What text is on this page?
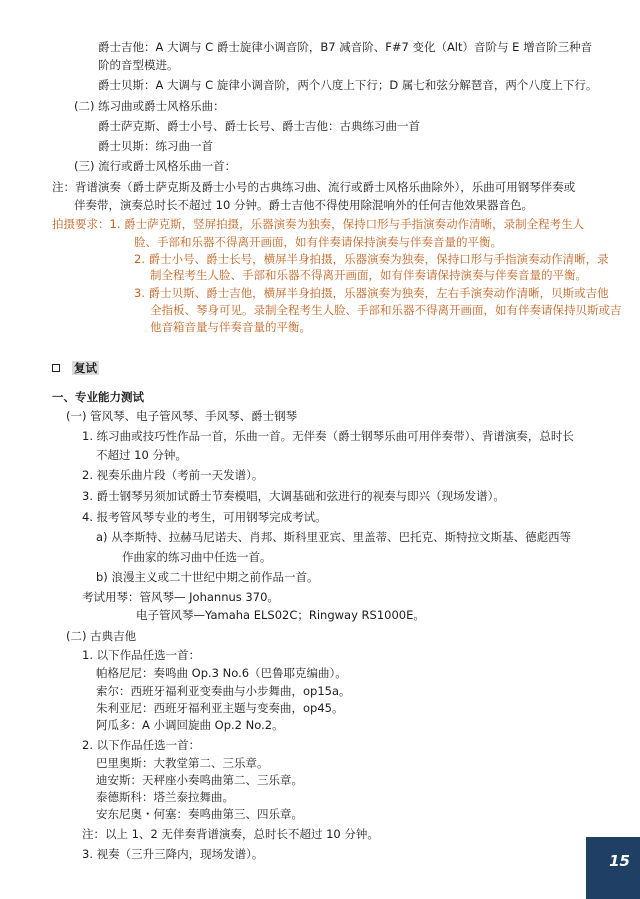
爵士吉他：A 大调与 C 爵士旋律小调音阶，B7 减音阶、F#7 变化（Alt）音阶与 E 增音阶三种音
阶的音型模进。
爵士贝斯：A 大调与 C 旋律小调音阶，两个八度上下行；D 属七和弦分解琶音，两个八度上下行。
(二) 练习曲或爵士风格乐曲：
爵士萨克斯、爵士小号、爵士长号、爵士吉他：古典练习曲一首
爵士贝斯：练习曲一首
(三) 流行或爵士风格乐曲一首：
注：背谱演奏（爵士萨克斯及爵士小号的古典练习曲、流行或爵士风格乐曲除外），乐曲可用钢琴伴奏或
伴奏带，演奏总时长不超过 10 分钟。爵士吉他不得使用除混响外的任何吉他效果器音色。
拍摄要求：1. 爵士萨克斯，竖屏拍摄，乐器演奏为独奏，保持口形与手指演奏动作清晰，录制全程考生人
脸、手部和乐器不得离开画面，如有伴奏请保持演奏与伴奏音量的平衡。
2. 爵士小号、爵士长号，横屏半身拍摄，乐器演奏为独奏，保持口形与手指演奏动作清晰，录
制全程考生人脸、手部和乐器不得离开画面，如有伴奏请保持演奏与伴奏音量的平衡。
3. 爵士贝斯、爵士吉他，横屏半身拍摄，乐器演奏为独奏，左右手演奏动作清晰，贝斯或吉他
全指板、琴身可见。录制全程考生人脸、手部和乐器不得离开画面，如有伴奏请保持贝斯或吉
他音箱音量与伴奏音量的平衡。
复试
一、专业能力测试
(一) 管风琴、电子管风琴、手风琴、爵士钢琴
1. 练习曲或技巧性作品一首，乐曲一首。无伴奏（爵士钢琴乐曲可用伴奏带）、背谱演奏，总时长
不超过 10 分钟。
2. 视奏乐曲片段（考前一天发谱）。
3. 爵士钢琴另须加试爵士节奏模唱，大调基础和弦进行的视奏与即兴（现场发谱）。
4. 报考管风琴专业的考生，可用钢琴完成考试。
a) 从李斯特、拉赫马尼诺夫、肖邦、斯科里亚宾、里盖蒂、巴托克、斯特拉文斯基、德彪西等
作曲家的练习曲中任选一首。
b) 浪漫主义或二十世纪中期之前作品一首。
考试用琴：管风琴— Johannus 370。
电子管风琴—Yamaha ELS02C；Ringway RS1000E。
(二) 古典吉他
1. 以下作品任选一首：
帕格尼尼：奏鸣曲 Op.3 No.6（巴鲁耶克编曲）。
索尔：西班牙福利亚变奏曲与小步舞曲，op15a。
朱利亚尼：西班牙福利亚主题与变奏曲，op45。
阿瓜多：A 小调回旋曲 Op.2 No.2。
2. 以下作品任选一首：
巴里奥斯：大教堂第二、三乐章。
迪安斯：天秤座小奏鸣曲第二、三乐章。
泰德斯科：塔兰泰拉舞曲。
安东尼奥・何塞：奏鸣曲第三、四乐章。
注：以上 1、2 无伴奏背谱演奏，总时长不超过 10 分钟。
3. 视奏（三升三降内，现场发谱）。	15
